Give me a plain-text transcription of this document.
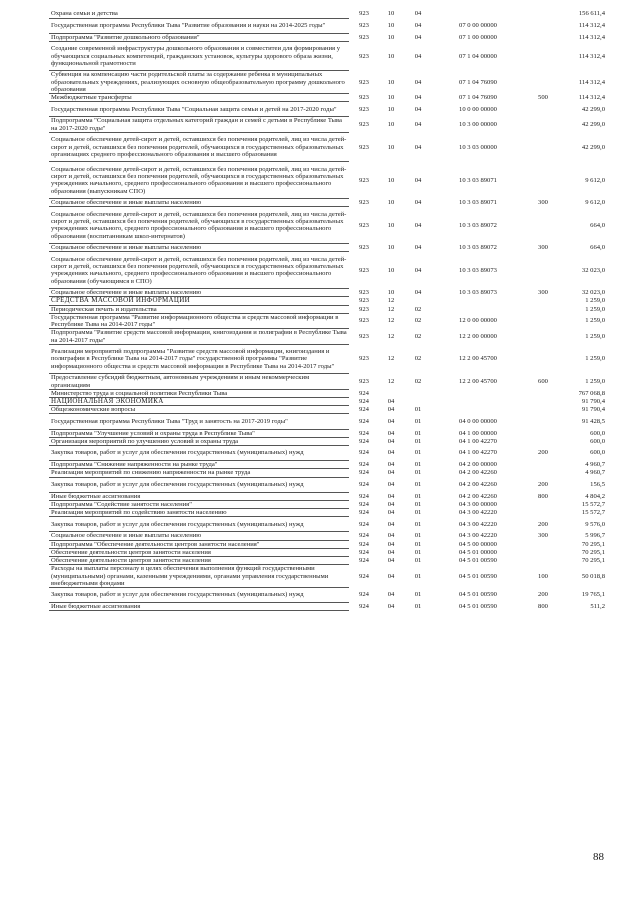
Охрана семьи и детства	923	10	04			156 611,4
Государственная программа Республики Тыва "Развитие образования и науки на 2014-2025 годы"	923	10	04	07 0 00 00000		114 312,4
Подпрограмма "Развитие дошкольного образования"	923	10	04	07 1 00 00000		114 312,4
Создание современной инфраструктуры дошкольного образования и совместитеи для формирования у обучающихся социальных компетенций, гражданских установок, культуры здорового образа жизни, функциональной грамотности	923	10	04	07 1 04 00000		114 312,4
Субвенция на компенсацию части родительской платы за содержание ребенка в муниципальных образовательных учреждениях, реализующих основную общеобразовательную программу дошкольного образования	923	10	04	07 1 04 76090		114 312,4
Межбюджетные трансферты	923	10	04	07 1 04 76090	500	114 312,4
Государственная программа Республики Тыва "Социальная защита семьи и детей на 2017-2020 годы"	923	10	04	10 0 00 00000		42 299,0
Подпрограмма "Социальная защита отдельных категорий граждан и семей с детьми в Республике Тыва на 2017-2020 годы"	923	10	04	10 3 00 00000		42 299,0
Социальное обеспечение детей-сирот и детей, оставшихся без попечения родителей, лиц из числа детей-сирот и детей, оставшихся без попечения родителей, обучающихся в государственных образовательных организациях среднего профессионального образования и высшего образования	923	10	04	10 3 03 00000		42 299,0
Социальное обеспечение детей-сирот и детей, оставшихся без попечения родителей, лиц из числа детей-сирот и детей, оставшихся без попечения родителей, обучающихся в государственных образовательных учреждениях начального, среднего профессионального образования и высшего профессионального образования (выпускникам СПО)	923	10	04	10 3 03 89071		9 612,0
Социальное обеспечение и иные выплаты населению	923	10	04	10 3 03 89071	300	9 612,0
Социальное обеспечение детей-сирот и детей, оставшихся без попечения родителей, лиц из числа детей-сирот и детей, оставшихся без попечения родителей, обучающихся в государственных образовательных учреждениях начального, среднего профессионального образования и высшего профессионального образования (воспитанникам школ-интернатов)	923	10	04	10 3 03 89072		664,0
Социальное обеспечение и иные выплаты населению	923	10	04	10 3 03 89072	300	664,0
Социальное обеспечение детей-сирот и детей, оставшихся без попечения родителей, лиц из числа детей-сирот и детей, оставшихся без попечения родителей, обучающихся в государственных образовательных учреждениях начального, среднего профессионального образования и высшего профессионального образования (обучающимся в СПО)	923	10	04	10 3 03 89073		32 023,0
Социальное обеспечение и иные выплаты населению	923	10	04	10 3 03 89073	300	32 023,0
СРЕДСТВА МАССОВОЙ ИНФОРМАЦИИ	923	12				1 259,0
Периодическая печать и издательства	923	12	02			1 259,0
Государственная программа "Развитие информационного общества и средств массовой информации в Республике Тыва на 2014-2017 годы"	923	12	02	12 0 00 00000		1 259,0
Подпрограмма "Развитие средств массовой информации, книгоиздания и полиграфии в Республике Тыва на 2014-2017 годы"	923	12	02	12 2 00 00000		1 259,0
Реализация мероприятий подпрограммы "Развитие средств массовой информации, книгоиздания и полиграфии в Республике Тыва на 2014-2017 годы" государственной программы "Развитие информационного общества и средств массовой информации в Республике Тыва на 2014-2017 годы"	923	12	02	12 2 00 45700		1 259,0
Предоставление субсидий бюджетным, автономным учреждениям и иным некоммерческим организациям	923	12	02	12 2 00 45700	600	1 259,0
Министерство труда и социальной политики Республики Тыва	924					767 068,8
НАЦИОНАЛЬНАЯ ЭКОНОМИКА	924	04				91 790,4
Общеэкономические вопросы	924	04	01			91 790,4
Государственная программа Республики Тыва "Труд и занятость на 2017-2019 годы"	924	04	01	04 0 00 00000		91 428,5
Подпрограмма "Улучшение условий и охраны труда в Республике Тыва"	924	04	01	04 1 00 00000		600,0
Организация мероприятий по улучшению условий и охраны труда	924	04	01	04 1 00 42270		600,0
Закупка товаров, работ и услуг для обеспечения государственных (муниципальных) нужд	924	04	01	04 1 00 42270	200	600,0
Подпрограмма "Снижение напряженности на рынке труда"	924	04	01	04 2 00 00000		4 960,7
Реализация мероприятий по снижению напряженности на рынке труда	924	04	01	04 2 00 42260		4 960,7
Закупка товаров, работ и услуг для обеспечения государственных (муниципальных) нужд	924	04	01	04 2 00 42260	200	156,5
Иные бюджетные ассигнования	924	04	01	04 2 00 42260	800	4 804,2
Подпрограмма "Содействие занятости населения"	924	04	01	04 3 00 00000		15 572,7
Реализация мероприятий по содействию занятости населению	924	04	01	04 3 00 42220		15 572,7
Закупка товаров, работ и услуг для обеспечения государственных (муниципальных) нужд	924	04	01	04 3 00 42220	200	9 576,0
Социальное обеспечение и иные выплаты населению	924	04	01	04 3 00 42220	300	5 996,7
Подпрограмма "Обеспечение деятельности центров занятости населения"	924	04	01	04 5 00 00000		70 295,1
Обеспечение деятельности центров занятости населения	924	04	01	04 5 01 00000		70 295,1
Обеспечение деятельности центров занятости населения	924	04	01	04 5 01 00590		70 295,1
Расходы на выплаты персоналу в целях обеспечения выполнения функций государственными (муниципальными) органами, казенными учреждениями, органами управления государственными внебюджетными фондами	924	04	01	04 5 01 00590	100	50 018,8
Закупка товаров, работ и услуг для обеспечения государственных (муниципальных) нужд	924	04	01	04 5 01 00590	200	19 765,1
Иные бюджетные ассигнования	924	04	01	04 5 01 00590	800	511,2
88
